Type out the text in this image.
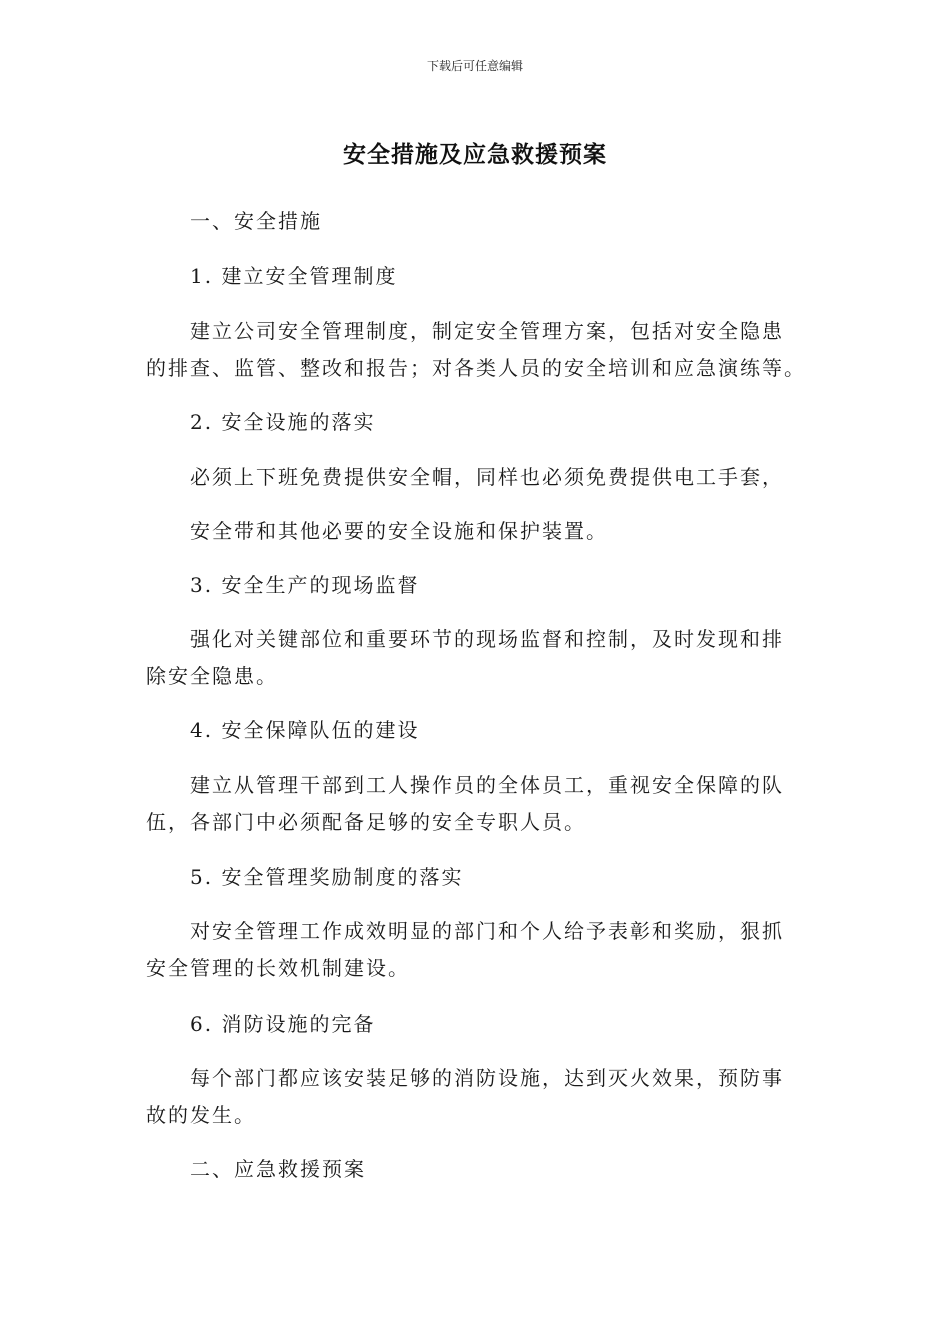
下载后可任意编辑
安全措施及应急救援预案
一、安全措施
1. 建立安全管理制度
建立公司安全管理制度，制定安全管理方案，包括对安全隐患
的排查、监管、整改和报告；对各类人员的安全培训和应急演练等。
2. 安全设施的落实
必须上下班免费提供安全帽，同样也必须免费提供电工手套，
安全带和其他必要的安全设施和保护装置。
3. 安全生产的现场监督
强化对关键部位和重要环节的现场监督和控制，及时发现和排
除安全隐患。
4. 安全保障队伍的建设
建立从管理干部到工人操作员的全体员工，重视安全保障的队
伍，各部门中必须配备足够的安全专职人员。
5. 安全管理奖励制度的落实
对安全管理工作成效明显的部门和个人给予表彰和奖励，狠抓
安全管理的长效机制建设。
6. 消防设施的完备
每个部门都应该安装足够的消防设施，达到灭火效果，预防事
故的发生。
二、应急救援预案
